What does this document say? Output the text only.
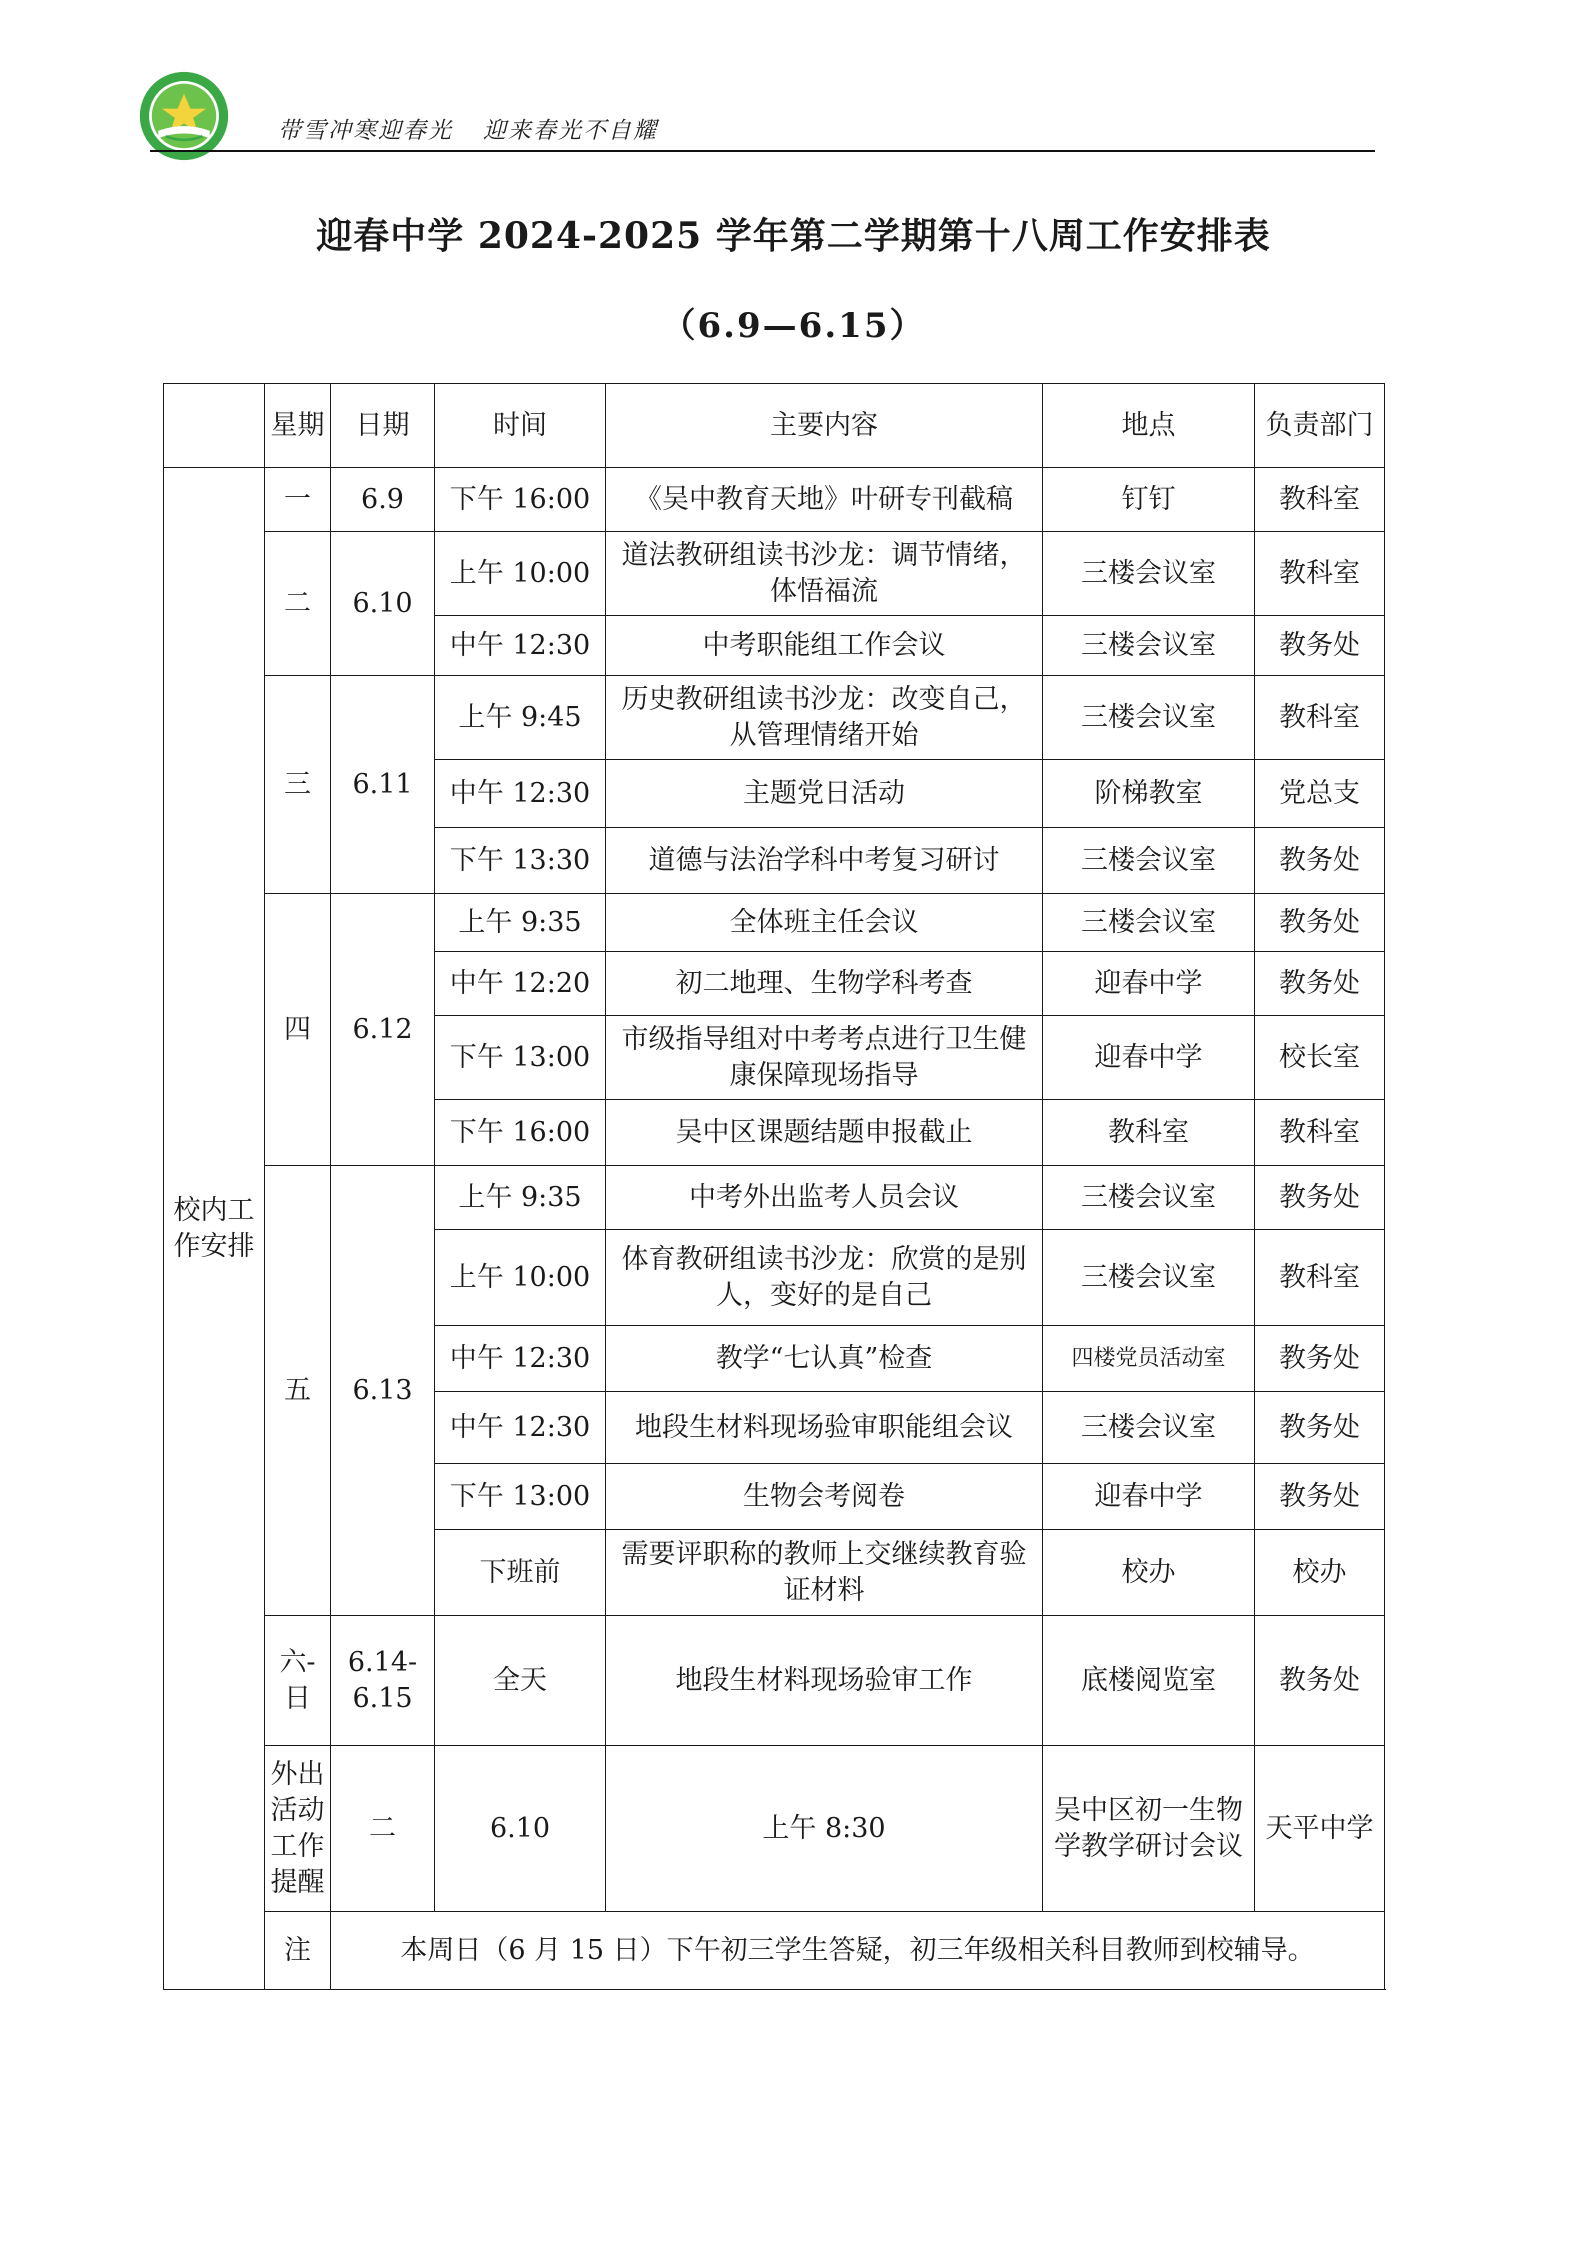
带雪冲寒迎春光 迎来春光不自耀
迎春中学 2024-2025 学年第二学期第十八周工作安排表
（6.9—6.15）
	星期	日期	时间	主要内容	地点	负责部门	
校内工作安排	一	6.9	下午 16:00	《吴中教育天地》叶研专刊截稿	钉钉	教科室	
	二	6.10	上午 10:00	道法教研组读书沙龙：调节情绪，体悟福流	三楼会议室	教科室	
			中午 12:30	中考职能组工作会议	三楼会议室	教务处	
	三	6.11	上午 9:45	历史教研组读书沙龙：改变自己，从管理情绪开始	三楼会议室	教科室	
			中午 12:30	主题党日活动	阶梯教室	党总支	
			下午 13:30	道德与法治学科中考复习研讨	三楼会议室	教务处	
	四	6.12	上午 9:35	全体班主任会议	三楼会议室	教务处	
			中午 12:20	初二地理、生物学科考查	迎春中学	教务处	
			下午 13:00	市级指导组对中考考点进行卫生健康保障现场指导	迎春中学	校长室	
			下午 16:00	吴中区课题结题申报截止	教科室	教科室	
	五	6.13	上午 9:35	中考外出监考人员会议	三楼会议室	教务处	
			上午 10:00	体育教研组读书沙龙：欣赏的是别人，变好的是自己	三楼会议室	教科室	
			中午 12:30	教学“七认真”检查	四楼党员活动室	教务处	
			中午 12:30	地段生材料现场验审职能组会议	三楼会议室	教务处	
			下午 13:00	生物会考阅卷	迎春中学	教务处	
			下班前	需要评职称的教师上交继续教育验证材料	校办	校办	
	六-日	6.14-6.15	全天	地段生材料现场验审工作	底楼阅览室	教务处	
	外出活动工作提醒	二	6.10	上午 8:30	吴中区初一生物学教学研讨会议	天平中学	
	注	本周日（6 月 15 日）下午初三学生答疑，初三年级相关科目教师到校辅导。					
